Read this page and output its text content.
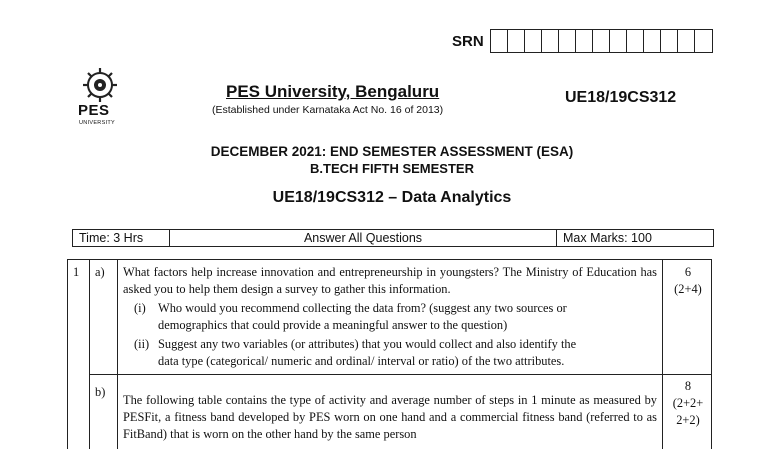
SRN
PES
UNIVERSITY
PES University, Bengaluru
(Established under Karnataka Act No. 16 of 2013)
UE18/19CS312
DECEMBER 2021: END SEMESTER ASSESSMENT (ESA)
B.TECH FIFTH SEMESTER
UE18/19CS312 – Data Analytics
Time: 3 Hrs	Answer All Questions	Max Marks: 100
1 a) What factors help increase innovation and entrepreneurship in youngsters? The Ministry of Education has asked you to help them design a survey to gather this information.
(i) Who would you recommend collecting the data from? (suggest any two sources or
demographics that could provide a meaningful answer to the question)
(ii) Suggest any two variables (or attributes) that you would collect and also identify the
data type (categorical/ numeric and ordinal/ interval or ratio) of the two attributes.
6
(2+4)
b)
The following table contains the type of activity and average number of steps in 1 minute as measured by PESFit, a fitness band developed by PES worn on one hand and a commercial fitness band (referred to as FitBand) that is worn on the other hand by the same person
8
(2+2+
2+2)
